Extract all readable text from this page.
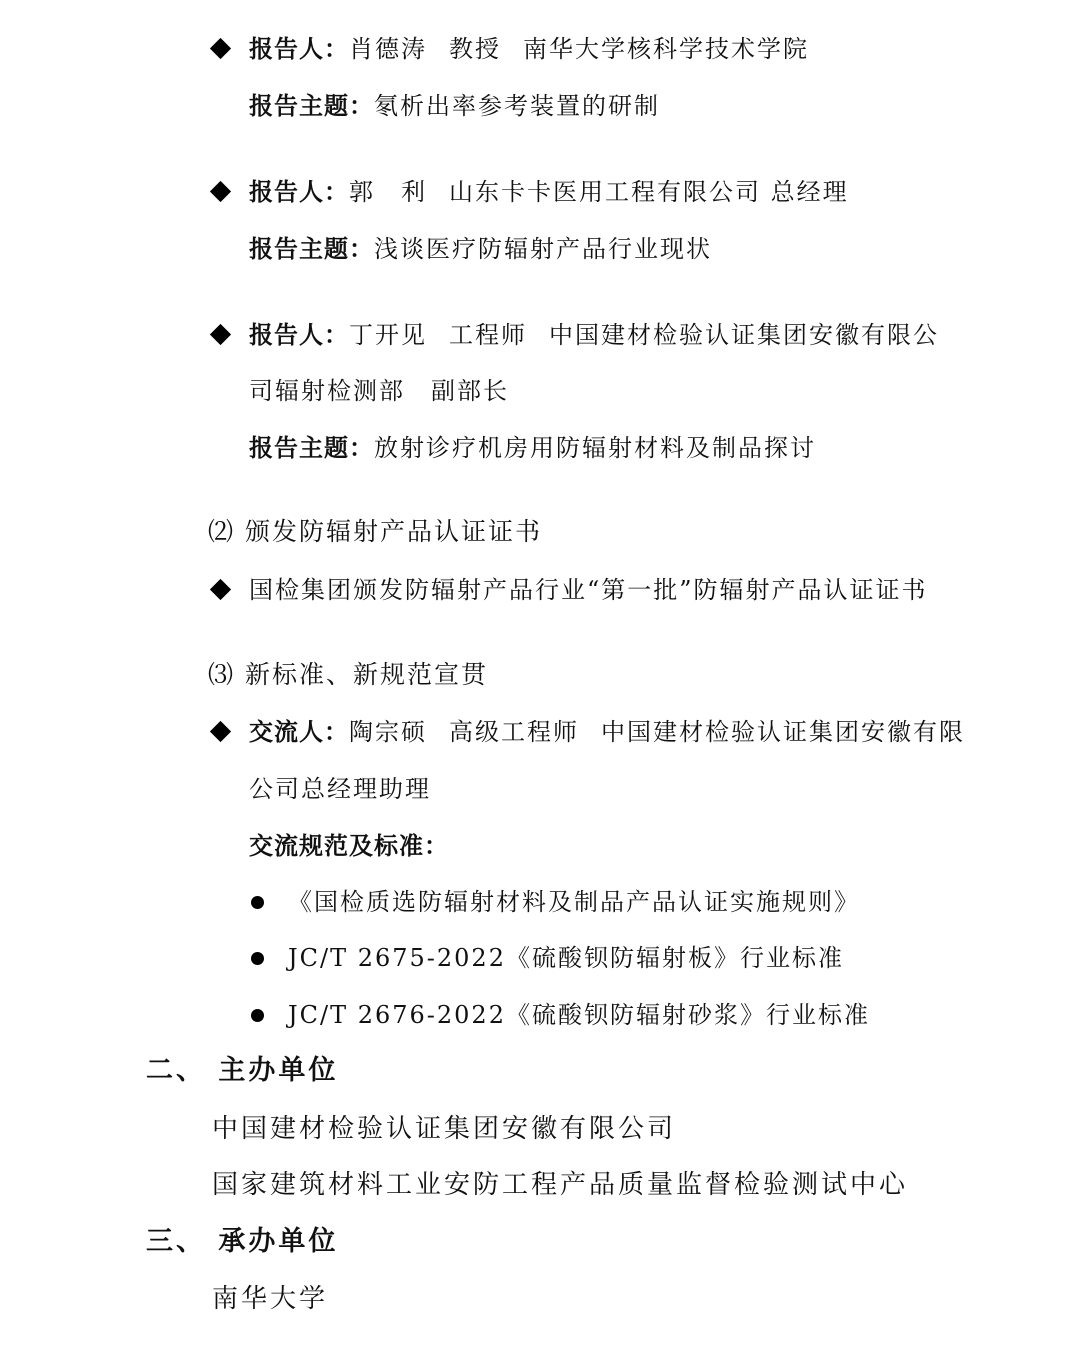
报告人：肖德涛 教授 南华大学核科学技术学院
报告主题：氡析出率参考装置的研制
报告人：郭　利 山东卡卡医用工程有限公司 总经理
报告主题：浅谈医疗防辐射产品行业现状
报告人：丁开见 工程师 中国建材检验认证集团安徽有限公
司辐射检测部　副部长
报告主题：放射诊疗机房用防辐射材料及制品探讨
⑵ 颁发防辐射产品认证证书
国检集团颁发防辐射产品行业“第一批”防辐射产品认证证书
⑶ 新标准、新规范宣贯
交流人：陶宗硕 高级工程师 中国建材检验认证集团安徽有限
公司总经理助理
交流规范及标准：
《国检质选防辐射材料及制品产品认证实施规则》
JC/T 2675-2022《硫酸钡防辐射板》行业标准
JC/T 2676-2022《硫酸钡防辐射砂浆》行业标准
二、 主办单位
中国建材检验认证集团安徽有限公司
国家建筑材料工业安防工程产品质量监督检验测试中心
三、 承办单位
南华大学
